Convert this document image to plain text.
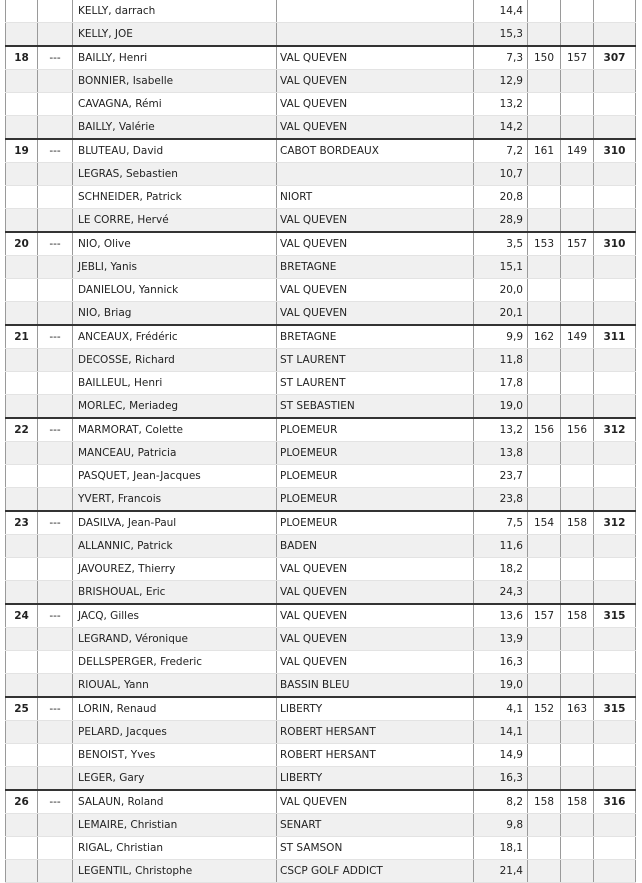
		KELLY, darrach		14,4			
		KELLY, JOE		15,3			
18	---	BAILLY, Henri	VAL QUEVEN	7,3	150	157	307
		BONNIER, Isabelle	VAL QUEVEN	12,9			
		CAVAGNA, Rémi	VAL QUEVEN	13,2			
		BAILLY, Valérie	VAL QUEVEN	14,2			
19	---	BLUTEAU, David	CABOT BORDEAUX	7,2	161	149	310
		LEGRAS, Sebastien		10,7			
		SCHNEIDER, Patrick	NIORT	20,8			
		LE CORRE, Hervé	VAL QUEVEN	28,9			
20	---	NIO, Olive	VAL QUEVEN	3,5	153	157	310
		JEBLI, Yanis	BRETAGNE	15,1			
		DANIELOU, Yannick	VAL QUEVEN	20,0			
		NIO, Briag	VAL QUEVEN	20,1			
21	---	ANCEAUX, Frédéric	BRETAGNE	9,9	162	149	311
		DECOSSE, Richard	ST LAURENT	11,8			
		BAILLEUL, Henri	ST LAURENT	17,8			
		MORLEC, Meriadeg	ST SEBASTIEN	19,0			
22	---	MARMORAT, Colette	PLOEMEUR	13,2	156	156	312
		MANCEAU, Patricia	PLOEMEUR	13,8			
		PASQUET, Jean-Jacques	PLOEMEUR	23,7			
		YVERT, Francois	PLOEMEUR	23,8			
23	---	DASILVA, Jean-Paul	PLOEMEUR	7,5	154	158	312
		ALLANNIC, Patrick	BADEN	11,6			
		JAVOUREZ, Thierry	VAL QUEVEN	18,2			
		BRISHOUAL, Eric	VAL QUEVEN	24,3			
24	---	JACQ, Gilles	VAL QUEVEN	13,6	157	158	315
		LEGRAND, Véronique	VAL QUEVEN	13,9			
		DELLSPERGER, Frederic	VAL QUEVEN	16,3			
		RIOUAL, Yann	BASSIN BLEU	19,0			
25	---	LORIN, Renaud	LIBERTY	4,1	152	163	315
		PELARD, Jacques	ROBERT HERSANT	14,1			
		BENOIST, Yves	ROBERT HERSANT	14,9			
		LEGER, Gary	LIBERTY	16,3			
26	---	SALAUN, Roland	VAL QUEVEN	8,2	158	158	316
		LEMAIRE, Christian	SENART	9,8			
		RIGAL, Christian	ST SAMSON	18,1			
		LEGENTIL, Christophe	CSCP GOLF ADDICT	21,4			
